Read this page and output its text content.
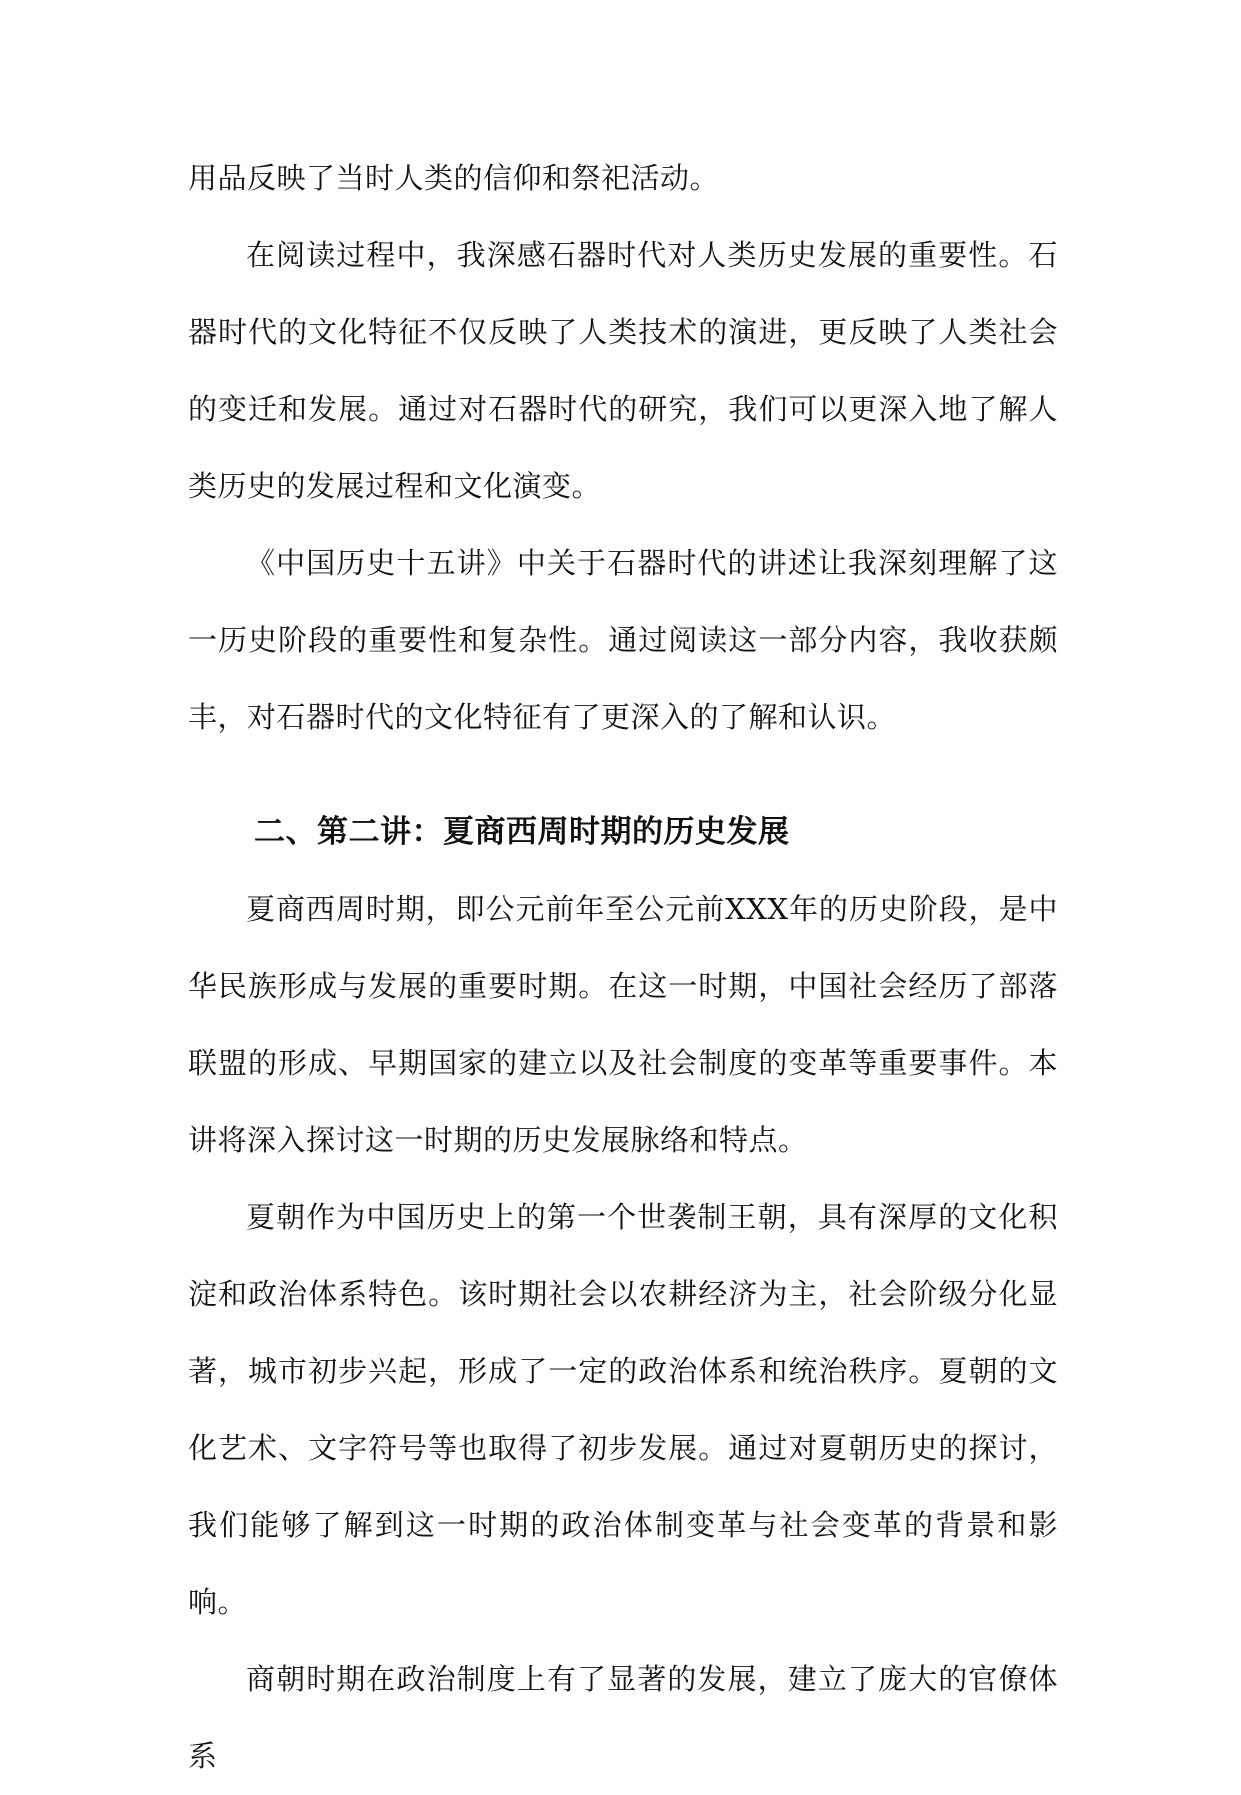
用品反映了当时人类的信仰和祭祀活动。

在阅读过程中，我深感石器时代对人类历史发展的重要性。石器时代的文化特征不仅反映了人类技术的演进，更反映了人类社会的变迁和发展。通过对石器时代的研究，我们可以更深入地了解人类历史的发展过程和文化演变。

《中国历史十五讲》中关于石器时代的讲述让我深刻理解了这一历史阶段的重要性和复杂性。通过阅读这一部分内容，我收获颇丰，对石器时代的文化特征有了更深入的了解和认识。

二、第二讲：夏商西周时期的历史发展

夏商西周时期，即公元前年至公元前XXX年的历史阶段，是中华民族形成与发展的重要时期。在这一时期，中国社会经历了部落联盟的形成、早期国家的建立以及社会制度的变革等重要事件。本讲将深入探讨这一时期的历史发展脉络和特点。

夏朝作为中国历史上的第一个世袭制王朝，具有深厚的文化积淀和政治体系特色。该时期社会以农耕经济为主，社会阶级分化显著，城市初步兴起，形成了一定的政治体系和统治秩序。夏朝的文化艺术、文字符号等也取得了初步发展。通过对夏朝历史的探讨，我们能够了解到这一时期的政治体制变革与社会变革的背景和影响。

商朝时期在政治制度上有了显著的发展，建立了庞大的官僚体系
